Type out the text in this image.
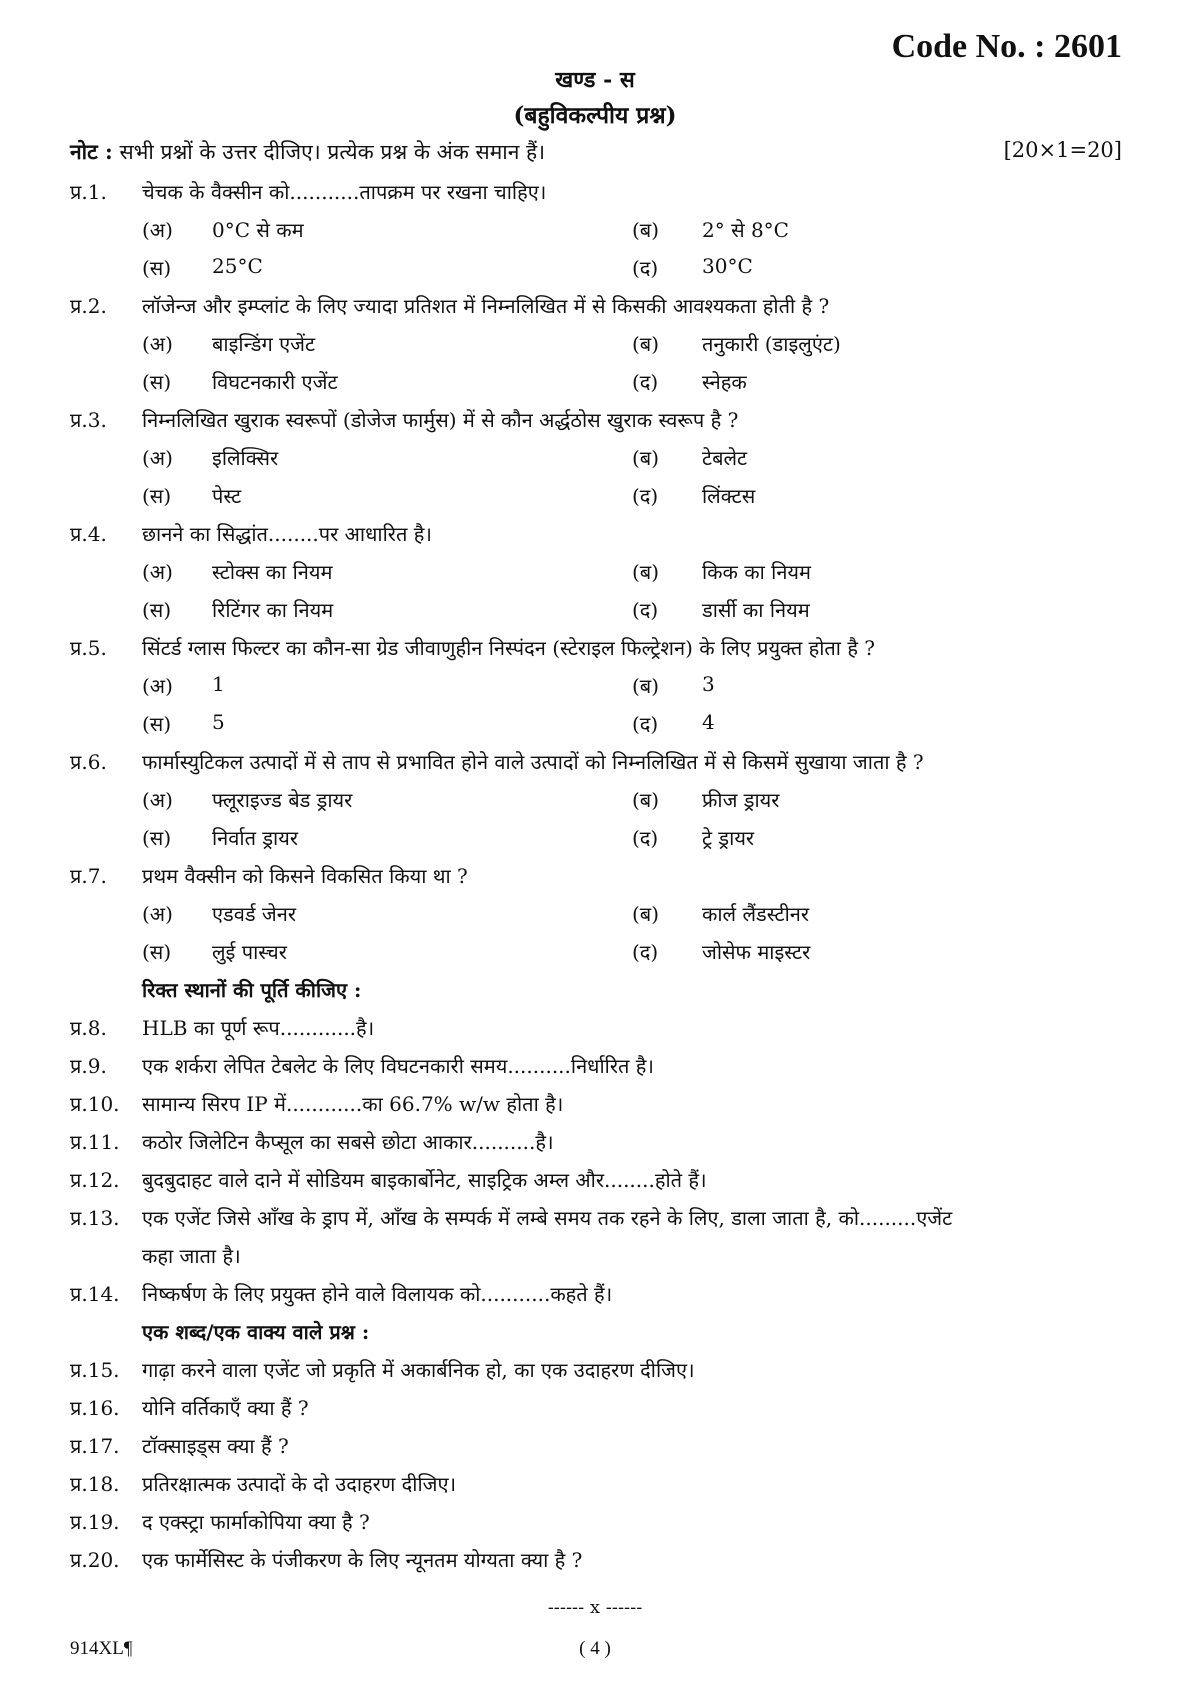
Code No. : 2601
खण्ड - स
(बहुविकल्पीय प्रश्न)
नोट : सभी प्रश्नों के उत्तर दीजिए। प्रत्येक प्रश्न के अंक समान हैं।	[20×1=20]
प्र.1.	चेचक के वैक्सीन को...........तापक्रम पर रखना चाहिए।
(अ)	0°C से कम	(ब)	2° से 8°C
(स)	25°C	(द)	30°C
प्र.2.	लॉजेन्ज और इम्प्लांट के लिए ज्यादा प्रतिशत में निम्नलिखित में से किसकी आवश्यकता होती है ?
(अ)	बाइन्डिंग एजेंट	(ब)	तनुकारी (डाइलुएंट)
(स)	विघटनकारी एजेंट	(द)	स्नेहक
प्र.3.	निम्नलिखित खुराक स्वरूपों (डोजेज फार्मुस) में से कौन अर्द्धठोस खुराक स्वरूप है ?
(अ)	इलिक्सिर	(ब)	टेबलेट
(स)	पेस्ट	(द)	लिंक्टस
प्र.4.	छानने का सिद्धांत........पर आधारित है।
(अ)	स्टोक्स का नियम	(ब)	किक का नियम
(स)	रिटिंगर का नियम	(द)	डार्सी का नियम
प्र.5.	सिंटर्ड ग्लास फिल्टर का कौन-सा ग्रेड जीवाणुहीन निस्पंदन (स्टेराइल फिल्ट्रेशन) के लिए प्रयुक्त होता है ?
(अ)	1	(ब)	3
(स)	5	(द)	4
प्र.6.	फार्मास्युटिकल उत्पादों में से ताप से प्रभावित होने वाले उत्पादों को निम्नलिखित में से किसमें सुखाया जाता है ?
(अ)	फ्लूराइज्ड बेड ड्रायर	(ब)	फ्रीज ड्रायर
(स)	निर्वात ड्रायर	(द)	ट्रे ड्रायर
प्र.7.	प्रथम वैक्सीन को किसने विकसित किया था ?
(अ)	एडवर्ड जेनर	(ब)	कार्ल लैंडस्टीनर
(स)	लुई पास्चर	(द)	जोसेफ माइस्टर
रिक्त स्थानों की पूर्ति कीजिए :
प्र.8.	HLB का पूर्ण रूप............है।
प्र.9.	एक शर्करा लेपित टेबलेट के लिए विघटनकारी समय..........निर्धारित है।
प्र.10.	सामान्य सिरप IP में............का 66.7% w/w होता है।
प्र.11.	कठोर जिलेटिन कैप्सूल का सबसे छोटा आकार..........है।
प्र.12.	बुदबुदाहट वाले दाने में सोडियम बाइकार्बोनेट, साइट्रिक अम्ल और........होते हैं।
प्र.13.	एक एजेंट जिसे आँख के ड्राप में, आँख के सम्पर्क में लम्बे समय तक रहने के लिए, डाला जाता है, को.........एजेंट
कहा जाता है।
प्र.14.	निष्कर्षण के लिए प्रयुक्त होने वाले विलायक को...........कहते हैं।
एक शब्द/एक वाक्य वाले प्रश्न :
प्र.15.	गाढ़ा करने वाला एजेंट जो प्रकृति में अकार्बनिक हो, का एक उदाहरण दीजिए।
प्र.16.	योनि वर्तिकाएँ क्या हैं ?
प्र.17.	टॉक्साइड्स क्या हैं ?
प्र.18.	प्रतिरक्षात्मक उत्पादों के दो उदाहरण दीजिए।
प्र.19.	द एक्स्ट्रा फार्माकोपिया क्या है ?
प्र.20.	एक फार्मेसिस्ट के पंजीकरण के लिए न्यूनतम योग्यता क्या है ?
------ x ------
914XL¶	( 4 )
